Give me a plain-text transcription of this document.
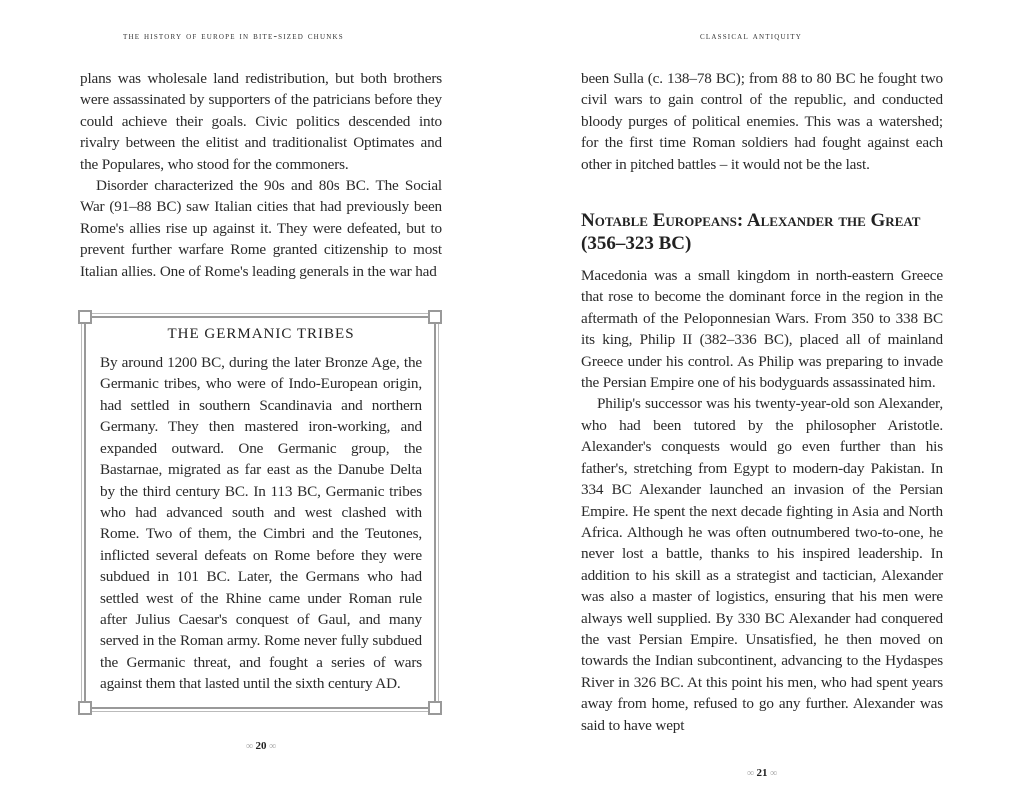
the history of europe in bite-sized chunks

plans was wholesale land redistribution, but both brothers were assassinated by supporters of the patricians before they could achieve their goals. Civic politics descended into rivalry between the elitist and traditionalist Optimates and the Populares, who stood for the commoners.

Disorder characterized the 90s and 80s BC. The Social War (91–88 BC) saw Italian cities that had previously been Rome's allies rise up against it. They were defeated, but to prevent further warfare Rome granted citizenship to most Italian allies. One of Rome's leading generals in the war had

THE GERMANIC TRIBES
By around 1200 BC, during the later Bronze Age, the Germanic tribes, who were of Indo-European origin, had settled in southern Scandinavia and northern Germany. They then mastered iron-working, and expanded outward. One Germanic group, the Bastarnae, migrated as far east as the Danube Delta by the third century BC. In 113 BC, Germanic tribes who had advanced south and west clashed with Rome. Two of them, the Cimbri and the Teutones, inflicted several defeats on Rome before they were subdued in 101 BC. Later, the Germans who had settled west of the Rhine came under Roman rule after Julius Caesar's conquest of Gaul, and many served in the Roman army. Rome never fully subdued the Germanic threat, and fought a series of wars against them that lasted until the sixth century AD.
∞ 20 ∞
classical antiquity

been Sulla (c. 138–78 BC); from 88 to 80 BC he fought two civil wars to gain control of the republic, and conducted bloody purges of political enemies. This was a watershed; for the first time Roman soldiers had fought against each other in pitched battles – it would not be the last.

Notable Europeans: Alexander the Great (356–323 BC)

Macedonia was a small kingdom in north-eastern Greece that rose to become the dominant force in the region in the aftermath of the Peloponnesian Wars. From 350 to 338 BC its king, Philip II (382–336 BC), placed all of mainland Greece under his control. As Philip was preparing to invade the Persian Empire one of his bodyguards assassinated him.

Philip's successor was his twenty-year-old son Alexander, who had been tutored by the philosopher Aristotle. Alexander's conquests would go even further than his father's, stretching from Egypt to modern-day Pakistan. In 334 BC Alexander launched an invasion of the Persian Empire. He spent the next decade fighting in Asia and North Africa. Although he was often outnumbered two-to-one, he never lost a battle, thanks to his inspired leadership. In addition to his skill as a strategist and tactician, Alexander was also a master of logistics, ensuring that his men were always well supplied. By 330 BC Alexander had conquered the vast Persian Empire. Unsatisfied, he then moved on towards the Indian subcontinent, advancing to the Hydaspes River in 326 BC. At this point his men, who had spent years away from home, refused to go any further. Alexander was said to have wept

∞ 21 ∞
